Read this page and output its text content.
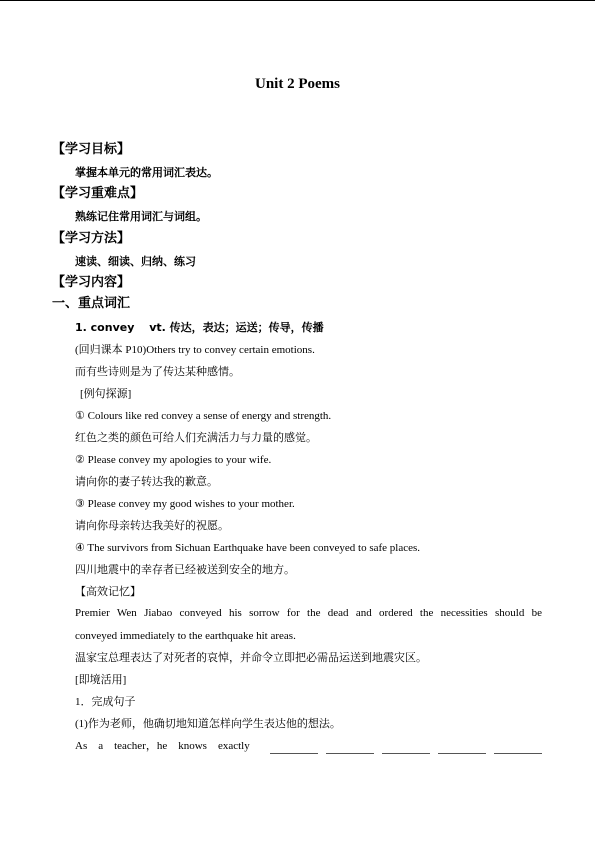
Unit 2 Poems
【学习目标】
掌握本单元的常用词汇表达。
【学习重难点】
熟练记住常用词汇与词组。
【学习方法】
速读、细读、归纳、练习
【学习内容】
一、重点词汇
1. convey　 vt. 传达，表达；运送；传导，传播
(回归课本 P10)Others try to convey certain emotions.
而有些诗则是为了传达某种感情。
[例句探源]
① Colours like red convey a sense of energy and strength.
红色之类的颜色可给人们充满活力与力量的感觉。
② Please convey my apologies to your wife.
请向你的妻子转达我的歉意。
③ Please convey my good wishes to your mother.
请向你母亲转达我美好的祝愿。
④ The survivors from Sichuan Earthquake have been conveyed to safe places.
四川地震中的幸存者已经被送到安全的地方。
【高效记忆】
Premier Wen Jiabao conveyed his sorrow for the dead and ordered the necessities should be
conveyed immediately to the earthquake hit areas.
温家宝总理表达了对死者的哀悼，并命令立即把必需品运送到地震灾区。
[即境活用]
1．完成句子
(1)作为老师，他确切地知道怎样向学生表达他的想法。
As　a　teacher，he　knows　exactly
